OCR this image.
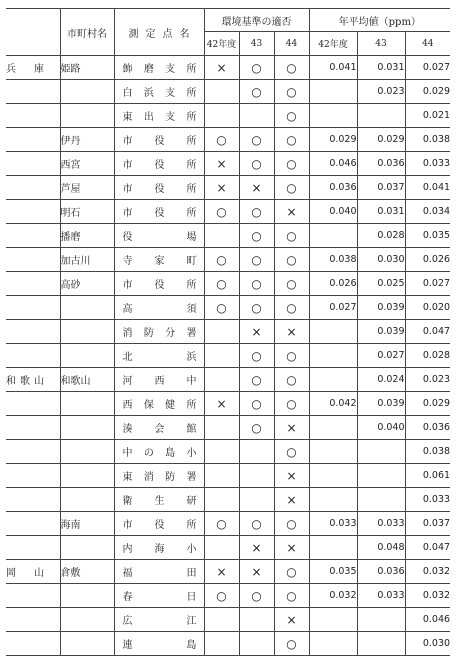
	市町村名	測 定 点 名	環境基準の適否			年平均値（ppm）		
			42年度	43	44	42年度	43	44
兵　庫	姫路	飾 磨 支 所	×	○	○	0.041	0.031	0.027

		白 浜 支 所		○	○		0.023	0.029

		東 出 支 所			○			0.021
	伊丹	市 役 所	○	○	○	0.029	0.029	0.038
	西宮	市 役 所	×	○	○	0.046	0.036	0.033
	芦屋	市 役 所	×	×	○	0.036	0.037	0.041
	明石	市 役 所	○	○	×	0.040	0.031	0.034
	播磨	役 場		○	○		0.028	0.035
	加古川	寺 家 町	○	○	○	0.038	0.030	0.026
	高砂	市 役 所	○	○	○	0.026	0.025	0.027

		高 須	○	○	○	0.027	0.039	0.020

		消 防 分 署		×	×		0.039	0.047

		北 浜		○	○		0.027	0.028
和歌山	和歌山	河 西 中		○	○		0.024	0.023

		西 保 健 所	×	○	○	0.042	0.039	0.029

		湊 会 館		○	×		0.040	0.036

		中 の 島 小			○			0.038

		東 消 防 署			×			0.061

		衛 生 研			×			0.033
	海南	市 役 所	○	○	○	0.033	0.033	0.037

		内 海 小		×	×		0.048	0.047
岡　山	倉敷	福 田	×	×	○	0.035	0.036	0.032

		春 日	○	○	○	0.032	0.033	0.032

		広 江			×			0.046

		連 島			○			0.030
